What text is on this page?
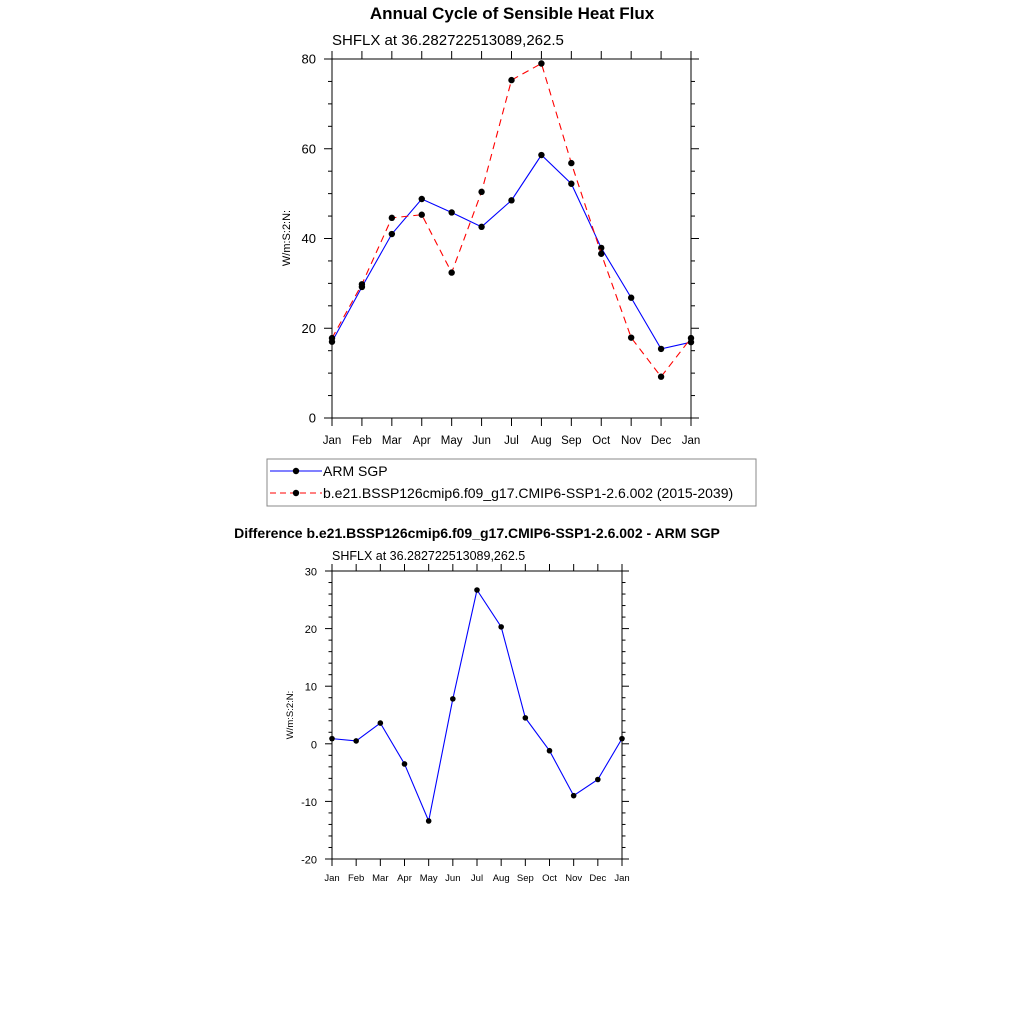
Annual Cycle of Sensible Heat Flux
SHFLX at 36.282722513089,262.5
W/m:S:2:N:
0
20
40
60
80
Jan Feb Mar Apr May Jun Jul Aug Sep Oct Nov Dec Jan
ARM SGP
b.e21.BSSP126cmip6.f09_g17.CMIP6-SSP1-2.6.002 (2015-2039)
Difference b.e21.BSSP126cmip6.f09_g17.CMIP6-SSP1-2.6.002 - ARM SGP
SHFLX at 36.282722513089,262.5
W/m:S:2:N:
-20
-10
0
10
20
30
Jan Feb Mar Apr May Jun Jul Aug Sep Oct Nov Dec Jan
